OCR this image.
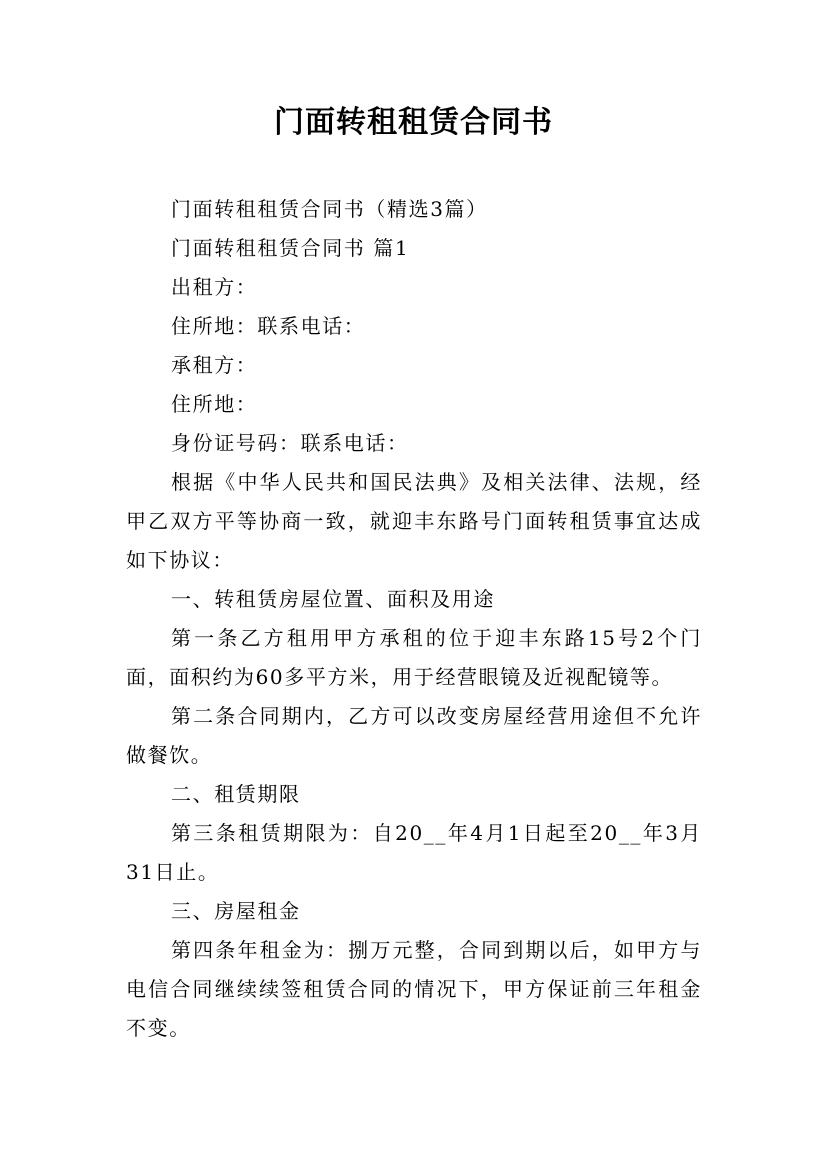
门面转租租赁合同书

门面转租租赁合同书（精选3篇）

门面转租租赁合同书 篇1

出租方：

住所地：联系电话：

承租方：

住所地：

身份证号码：联系电话：

根据《中华人民共和国民法典》及相关法律、法规，经甲乙双方平等协商一致，就迎丰东路号门面转租赁事宜达成如下协议：

一、转租赁房屋位置、面积及用途

第一条乙方租用甲方承租的位于迎丰东路15号2个门面，面积约为60多平方米，用于经营眼镜及近视配镜等。

第二条合同期内，乙方可以改变房屋经营用途但不允许做餐饮。

二、租赁期限

第三条租赁期限为：自20__年4月1日起至20__年3月31日止。

三、房屋租金

第四条年租金为：捌万元整，合同到期以后，如甲方与电信合同继续续签租赁合同的情况下，甲方保证前三年租金不变。
